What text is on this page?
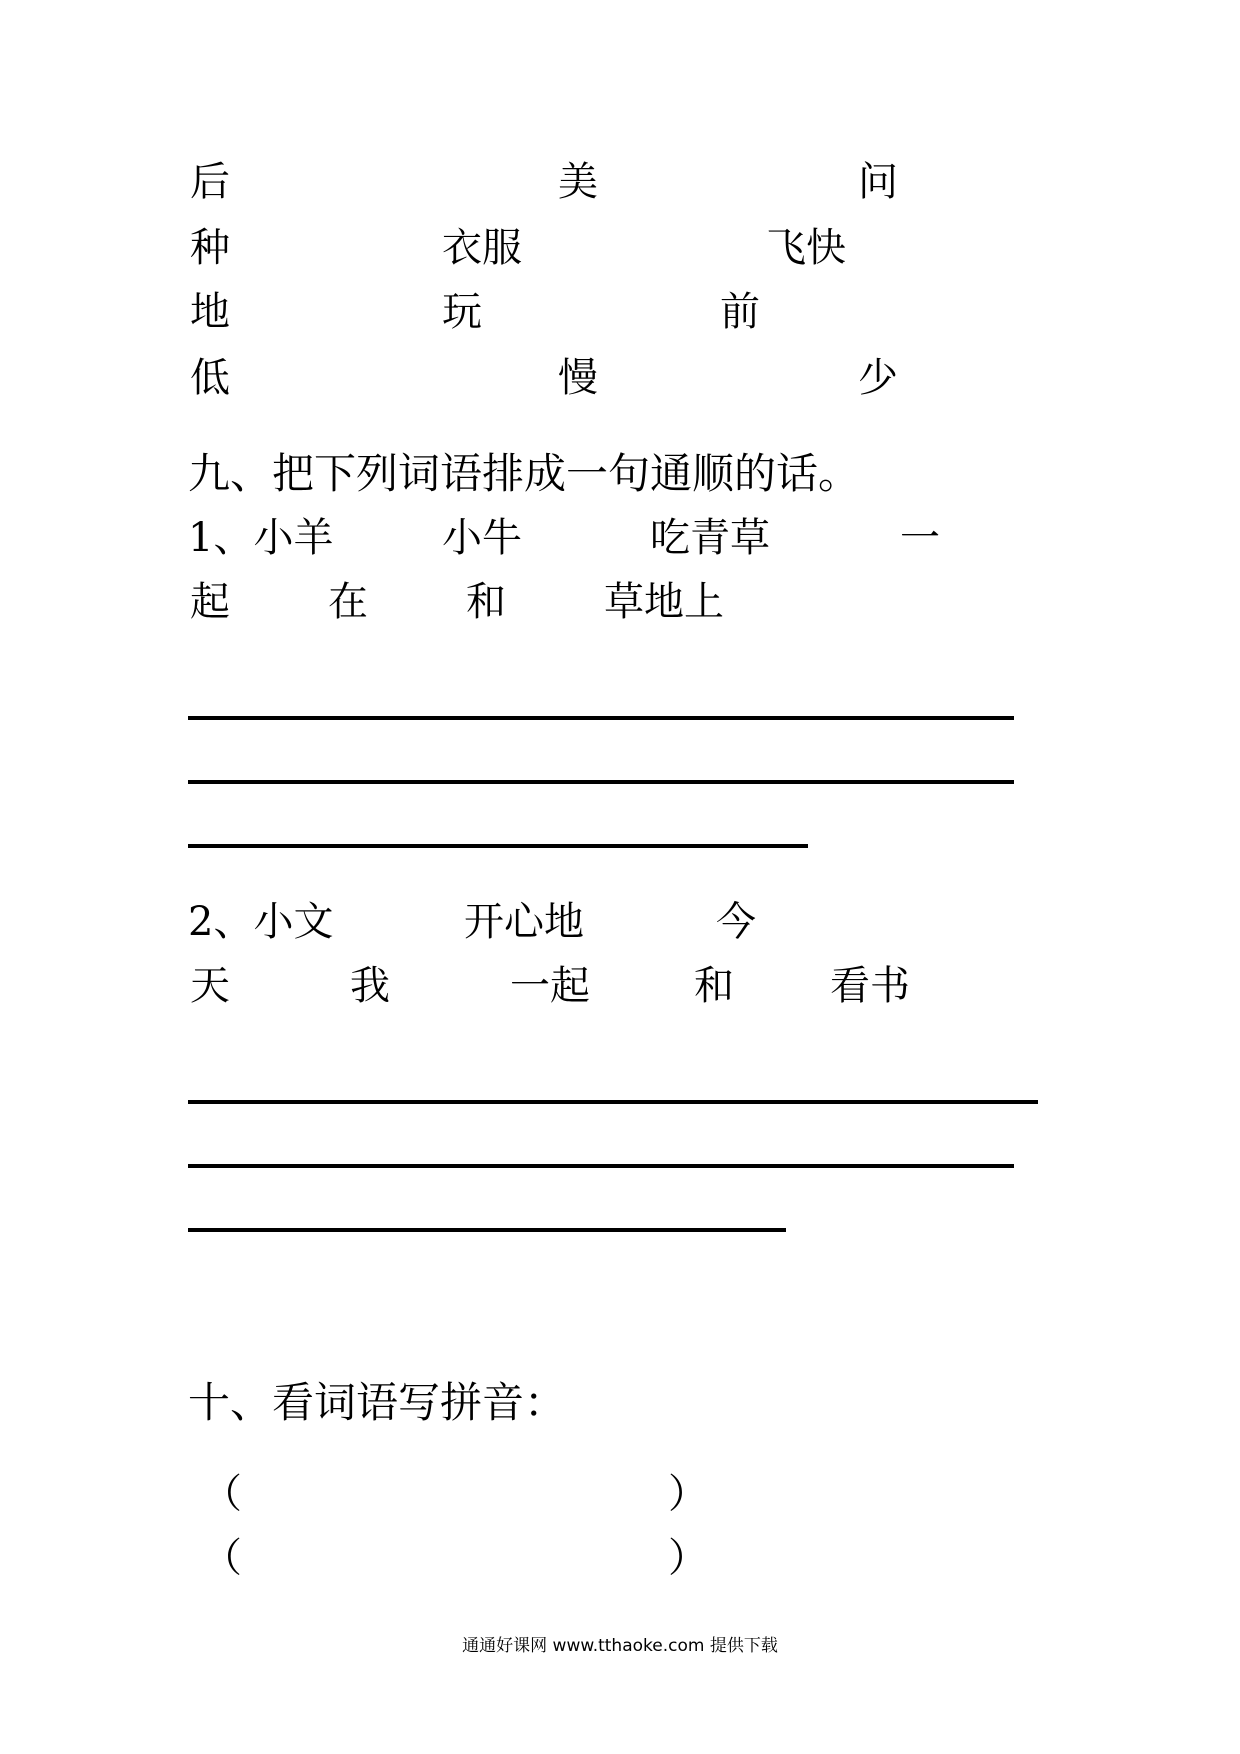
后	美	问
种	衣服	飞快
地	玩	前
低	慢	少
九、把下列词语排成一句通顺的话。
1、小羊	小牛	吃青草	一
起 在 和 草地上
2、小文	开心地	今
天	我	一起	和 看书
十、看词语写拼音：
（	）
（	）
通通好课网 www.tthaoke.com 提供下载
